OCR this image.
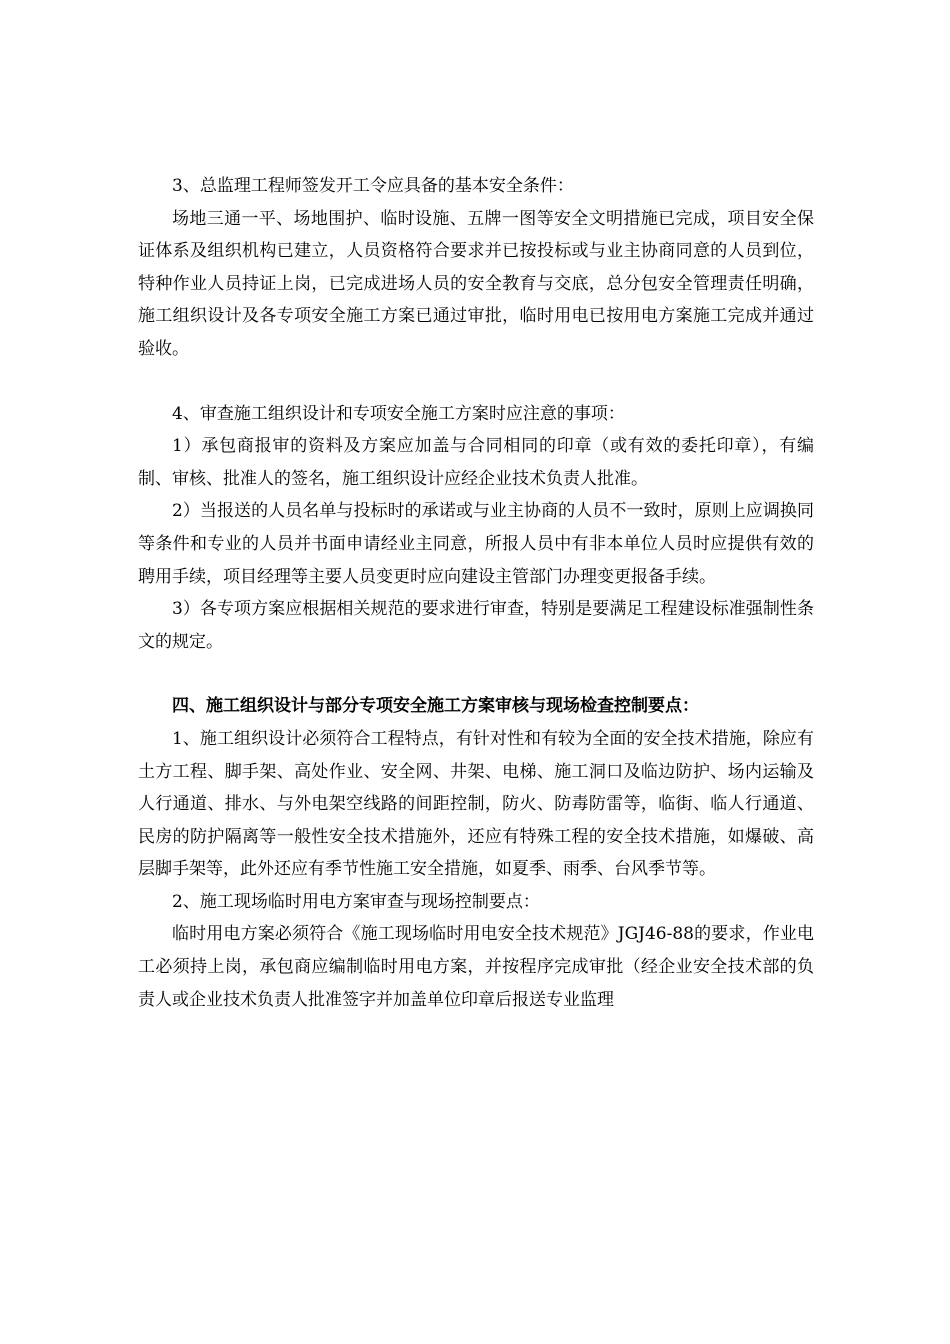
3、总监理工程师签发开工令应具备的基本安全条件：

场地三通一平、场地围护、临时设施、五牌一图等安全文明措施已完成，项目安全保证体系及组织机构已建立，人员资格符合要求并已按投标或与业主协商同意的人员到位，特种作业人员持证上岗，已完成进场人员的安全教育与交底，总分包安全管理责任明确，施工组织设计及各专项安全施工方案已通过审批，临时用电已按用电方案施工完成并通过验收。

4、审查施工组织设计和专项安全施工方案时应注意的事项：

1）承包商报审的资料及方案应加盖与合同相同的印章（或有效的委托印章），有编制、审核、批准人的签名，施工组织设计应经企业技术负责人批准。

2）当报送的人员名单与投标时的承诺或与业主协商的人员不一致时，原则上应调换同等条件和专业的人员并书面申请经业主同意，所报人员中有非本单位人员时应提供有效的聘用手续，项目经理等主要人员变更时应向建设主管部门办理变更报备手续。

3）各专项方案应根据相关规范的要求进行审查，特别是要满足工程建设标准强制性条文的规定。

四、施工组织设计与部分专项安全施工方案审核与现场检查控制要点：

1、施工组织设计必须符合工程特点，有针对性和有较为全面的安全技术措施，除应有土方工程、脚手架、高处作业、安全网、井架、电梯、施工洞口及临边防护、场内运输及人行通道、排水、与外电架空线路的间距控制，防火、防毒防雷等，临街、临人行通道、民房的防护隔离等一般性安全技术措施外，还应有特殊工程的安全技术措施，如爆破、高层脚手架等，此外还应有季节性施工安全措施，如夏季、雨季、台风季节等。

2、施工现场临时用电方案审查与现场控制要点：

临时用电方案必须符合《施工现场临时用电安全技术规范》JGJ46-88的要求，作业电工必须持上岗，承包商应编制临时用电方案，并按程序完成审批（经企业安全技术部的负责人或企业技术负责人批准签字并加盖单位印章后报送专业监理
